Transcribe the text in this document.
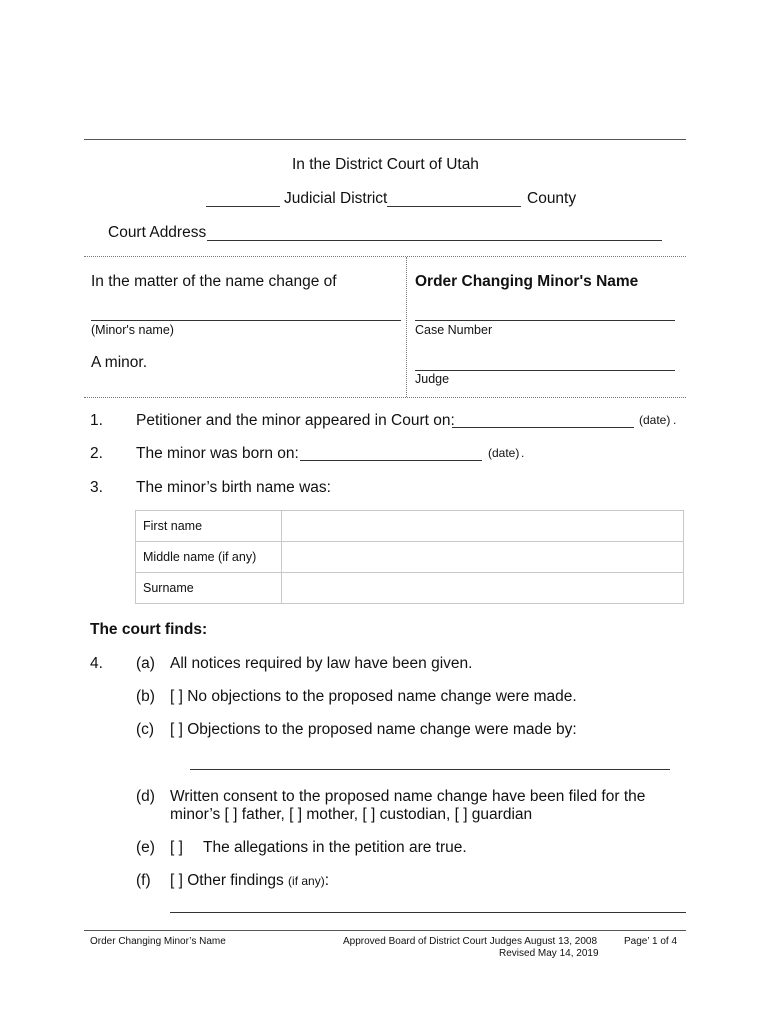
In the District Court of Utah
Judicial District	County
Court Address
In the matter of the name change of
(Minor's name)
A minor.
Order Changing Minor's Name
Case Number
Judge
1. Petitioner and the minor appeared in Court on:	(date) .
2. The minor was born on:	(date) .
3. The minor’s birth name was:
First name	
Middle name (if any)	
Surname	
The court finds:
4. (a) All notices required by law have been given.
(b) [ ] No objections to the proposed name change were made.
(c) [ ] Objections to the proposed name change were made by:
(d) Written consent to the proposed name change have been filed for the
minor’s [ ] father, [ ] mother, [ ] custodian, [ ] guardian
(e) [ ] The allegations in the petition are true.
(f) [ ] Other findings (if any):
Order Changing Minor’s Name	Approved Board of District Court Judges August 13, 2008
Revised May 14, 2019
Page’ 1 of 4
